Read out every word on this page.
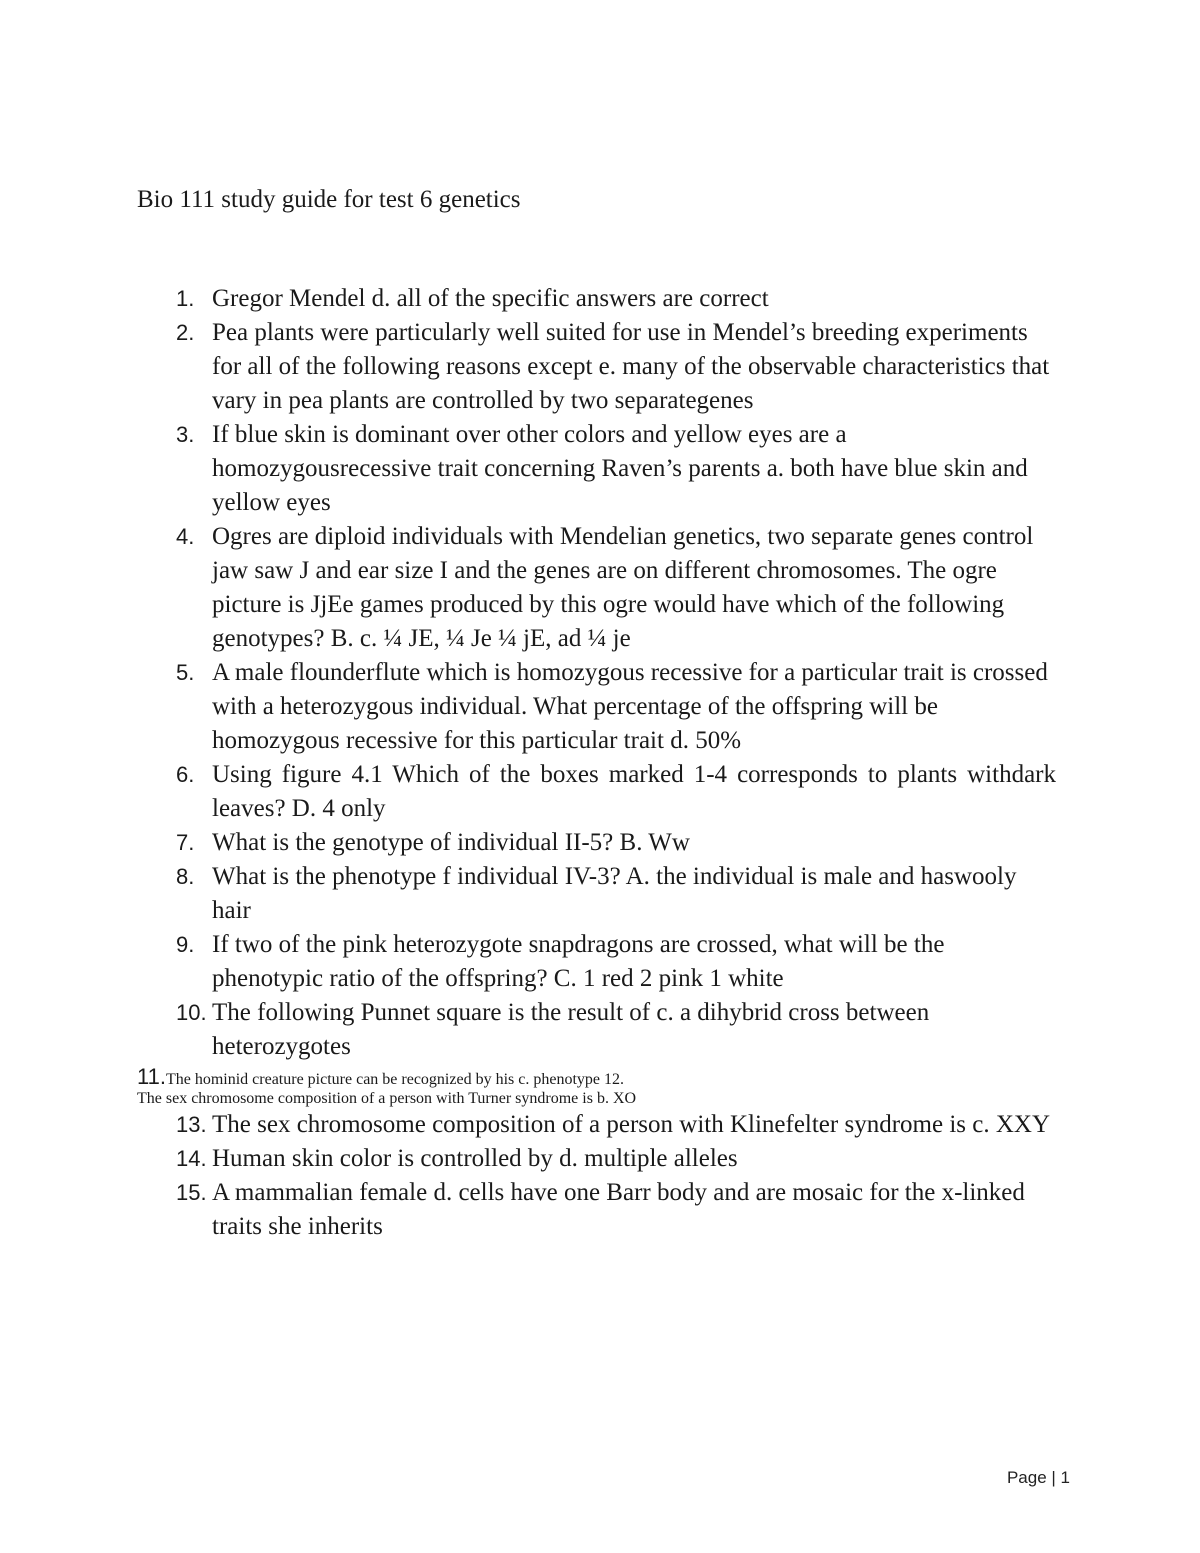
Bio 111 study guide for test 6 genetics
1. Gregor Mendel d. all of the specific answers are correct
2. Pea plants were particularly well suited for use in Mendel’s breeding experiments for all of the following reasons except e. many of the observable characteristics that vary in pea plants are controlled by two separategenes
3. If blue skin is dominant over other colors and yellow eyes are a homozygousrecessive trait concerning Raven’s parents a. both have blue skin and yellow eyes
4. Ogres are diploid individuals with Mendelian genetics, two separate genes control jaw saw J and ear size I and the genes are on different chromosomes. The ogre picture is JjEe games produced by this ogre would have which of the following genotypes? B. c. ¼ JE, ¼ Je ¼ jE, ad ¼ je
5. A male flounderflute which is homozygous recessive for a particular trait is crossed with a heterozygous individual. What percentage of the offspring will be homozygous recessive for this particular trait d. 50%
6. Using figure 4.1 Which of the boxes marked 1-4 corresponds to plants withdark leaves? D. 4 only
7. What is the genotype of individual II-5? B. Ww
8. What is the phenotype f individual IV-3? A. the individual is male and haswooly hair
9. If two of the pink heterozygote snapdragons are crossed, what will be the phenotypic ratio of the offspring? C. 1 red 2 pink 1 white
10. The following Punnet square is the result of c. a dihybrid cross between heterozygotes
11.The hominid creature picture can be recognized by his c. phenotype 12.
The sex chromosome composition of a person with Turner syndrome is b. XO
13. The sex chromosome composition of a person with Klinefelter syndrome is c. XXY
14. Human skin color is controlled by d. multiple alleles
15. A mammalian female d. cells have one Barr body and are mosaic for the x-linked traits she inherits
Page | 1
